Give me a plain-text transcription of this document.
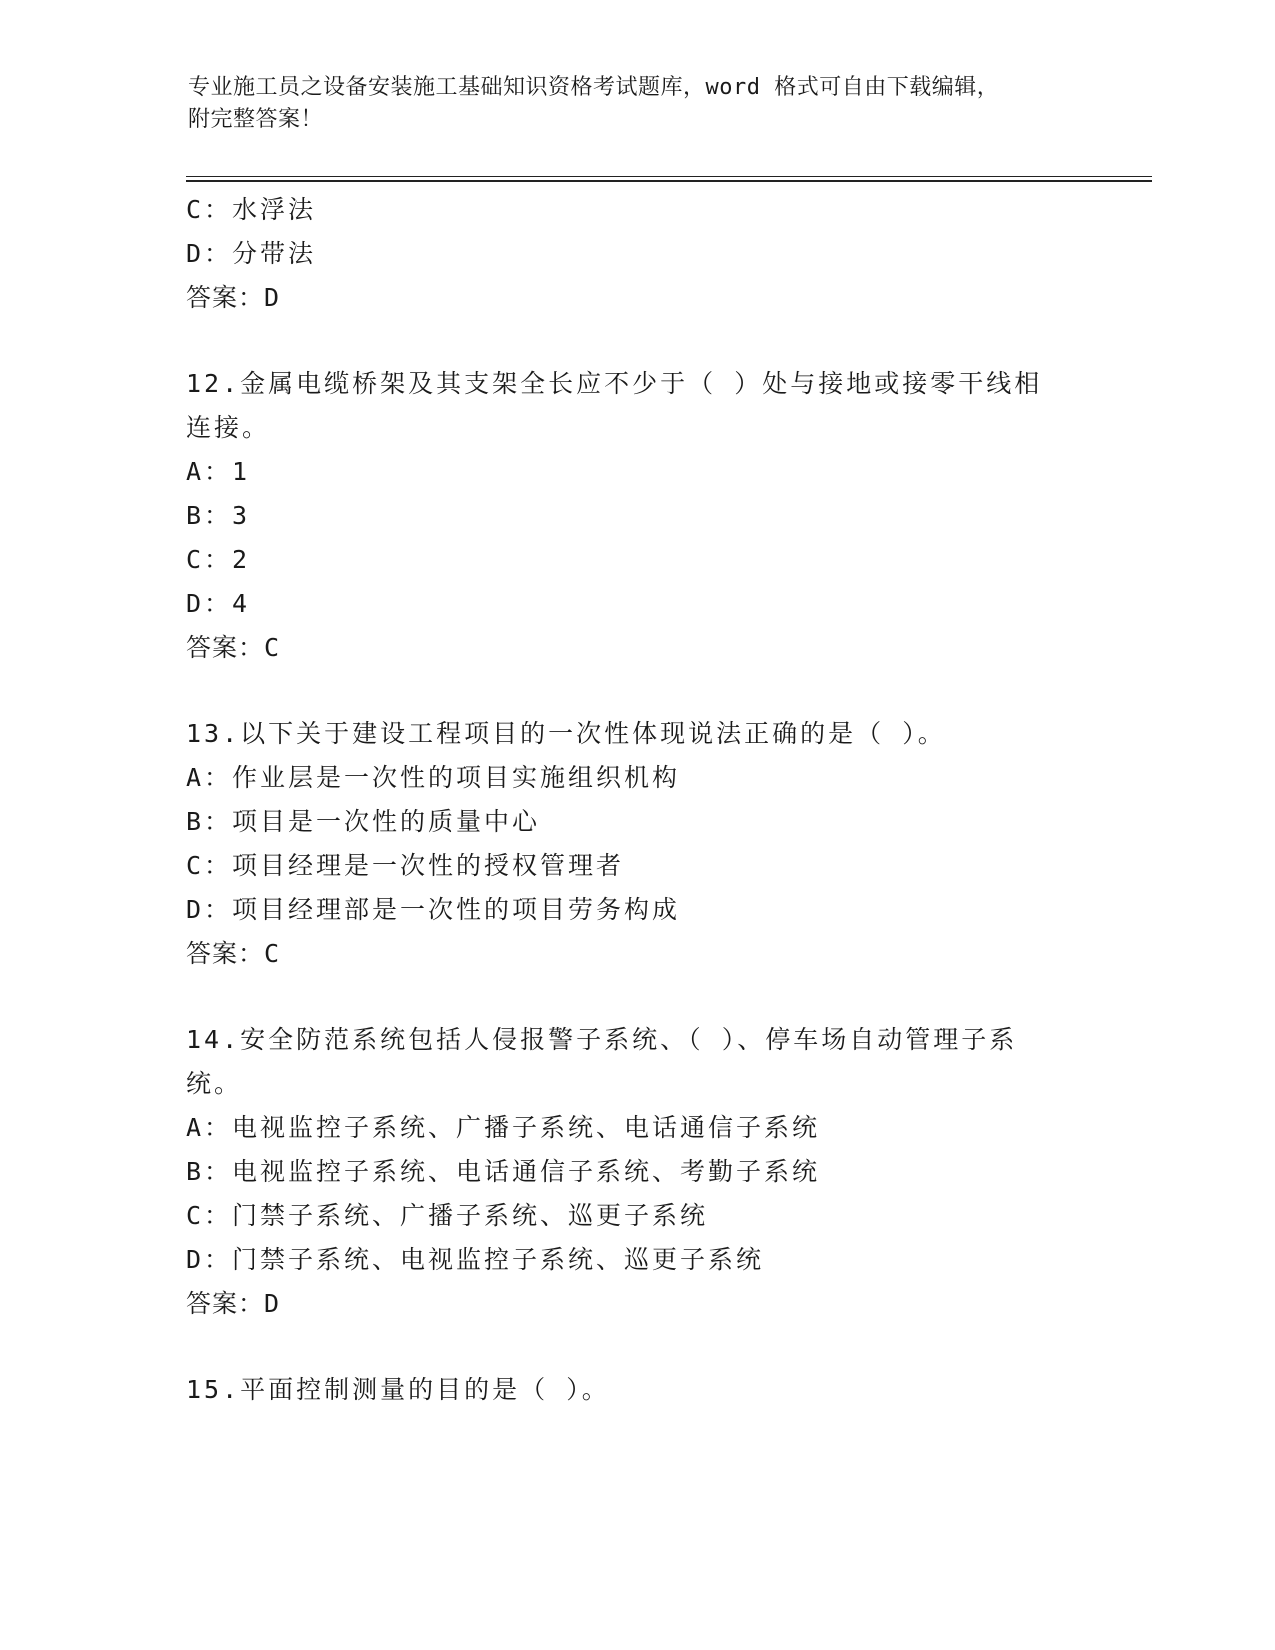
专业施工员之设备安装施工基础知识资格考试题库，word 格式可自由下载编辑，

附完整答案！
C：水浮法
D：分带法
答案：D
12.金属电缆桥架及其支架全长应不少于（ ）处与接地或接零干线相
连接。
A：1
B：3
C：2
D：4
答案：C
13.以下关于建设工程项目的一次性体现说法正确的是（ ）。
A：作业层是一次性的项目实施组织机构
B：项目是一次性的质量中心
C：项目经理是一次性的授权管理者
D：项目经理部是一次性的项目劳务构成
答案：C
14.安全防范系统包括人侵报警子系统、（ ）、停车场自动管理子系
统。
A：电视监控子系统、广播子系统、电话通信子系统
B：电视监控子系统、电话通信子系统、考勤子系统
C：门禁子系统、广播子系统、巡更子系统
D：门禁子系统、电视监控子系统、巡更子系统
答案：D
15.平面控制测量的目的是（ ）。
